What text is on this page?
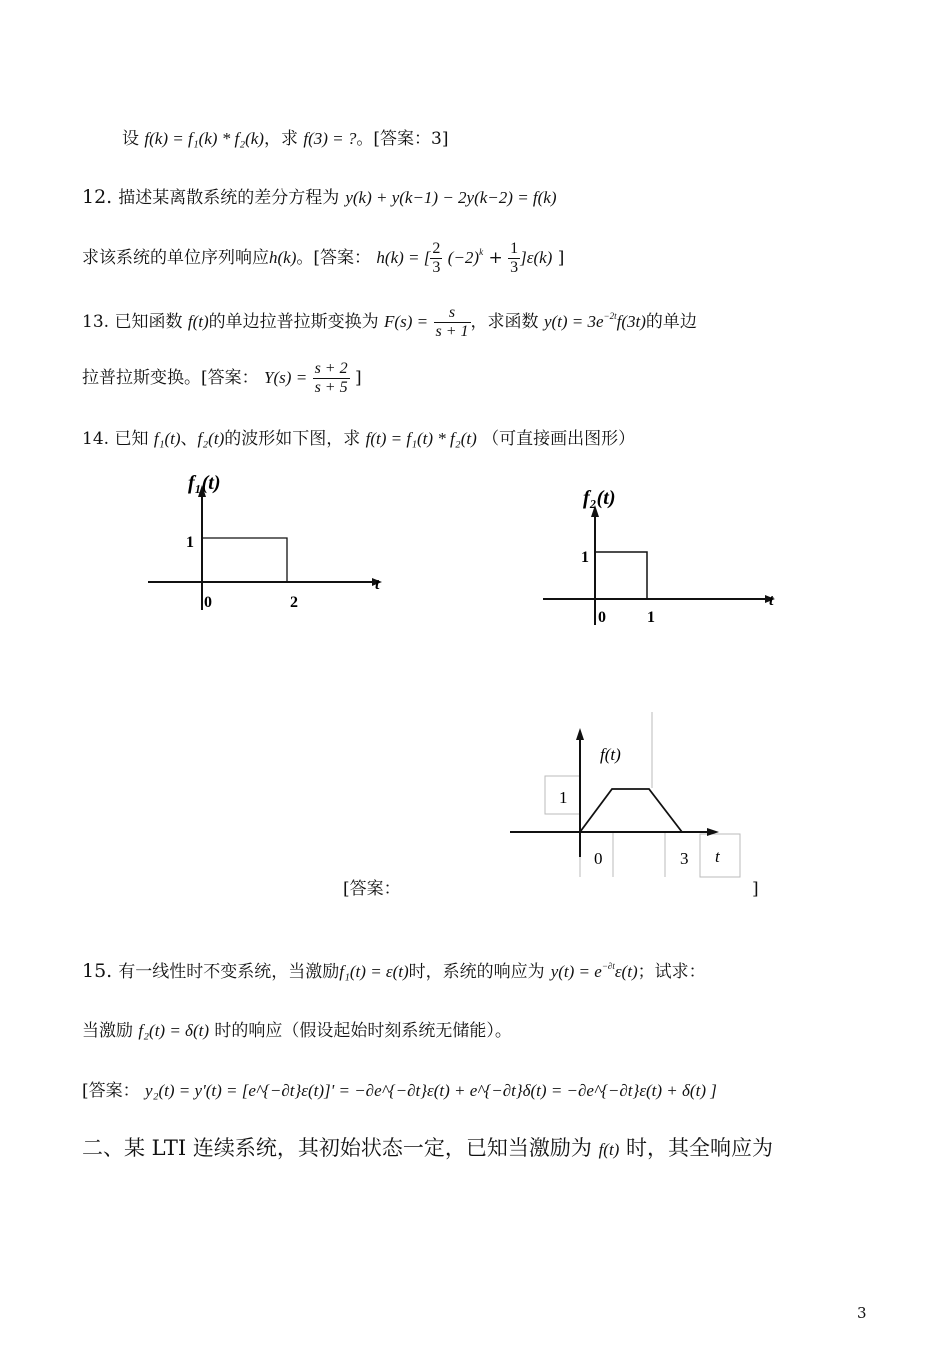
设 f(k) = f₁(k) * f₂(k)，求 f(3) = ?。[答案：3]
12. 描述某离散系统的差分方程为 y(k) + y(k−1) − 2y(k−2) = f(k)
求该系统的单位序列响应h(k)。[答案： h(k) = [ $\frac{2}{3} (-2)^k + \frac{1}{3} ]\varepsilon(k)$ ]
13. 已知函数 f(t)的单边拉普拉斯变换为 $F(s) = \frac{s}{s + 1}$ ，求函数 $y(t) = 3e^{-2t}f(3t)$的单边
拉普拉斯变换。[答案： $Y(s) = \frac{s + 2}{s + 5}$ ]
14. 已知 f₁(t)、f₂(t)的波形如下图，求 f(t) = f₁(t) * f₂(t) （可直接画出图形）
f₁(t)
1
t
0	2
f₂(t)
1
t
0	1
f(t)
1
0	3 t
[答案：	]
15. 有一线性时不变系统，当激励f₁(t) = ε(t)时，系统的响应为 $y(t) = e^{-\partial t}\varepsilon(t)$；试求：
当激励 f₂(t) = δ(t) 时的响应（假设起始时刻系统无储能）。
[答案： y₂(t) = y'(t) = [e^{−∂t}ε(t)]' = −∂e^{−∂t}ε(t) + e^{−∂t}δ(t) = −∂e^{−∂t}ε(t) + δ(t) ]
二、某 LTI 连续系统，其初始状态一定，已知当激励为 f(t) 时，其全响应为
3
